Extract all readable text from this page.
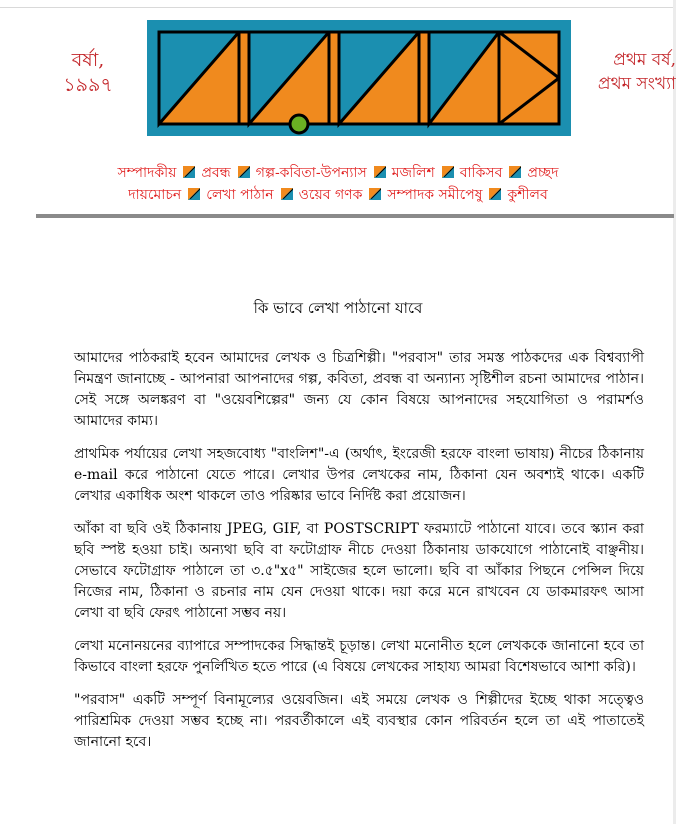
বর্ষা,
১৯৯৭
প্রথম বর্ষ,
প্রথম সংখ্যা
সম্পাদকীয় প্রবন্ধ গল্প-কবিতা-উপন্যাস মজলিশ বাকিসব প্রচ্ছদ
দায়মোচন লেখা পাঠান ওয়েব গণক সম্পাদক সমীপেষু কুশীলব
কি ভাবে লেখা পাঠানো যাবে

আমাদের পাঠকরাই হবেন আমাদের লেখক ও চিত্রশিল্পী। "পরবাস" তার সমস্ত পাঠকদের এক বিশ্বব্যাপী নিমন্ত্রণ জানাচ্ছে - আপনারা আপনাদের গল্প, কবিতা, প্রবন্ধ বা অন্যান্য সৃষ্টিশীল রচনা আমাদের পাঠান। সেই সঙ্গে অলঙ্করণ বা "ওয়েবশিল্পের" জন্য যে কোন বিষয়ে আপনাদের সহযোগিতা ও পরামর্শও আমাদের কাম্য।

প্রাথমিক পর্যায়ের লেখা সহজবোধ্য "বাংলিশ"-এ (অর্থাৎ, ইংরেজী হরফে বাংলা ভাষায়) নীচের ঠিকানায় e-mail করে পাঠানো যেতে পারে। লেখার উপর লেখকের নাম, ঠিকানা যেন অবশ্যই থাকে। একটি লেখার একাধিক অংশ থাকলে তাও পরিষ্কার ভাবে নির্দিষ্ট করা প্রয়োজন।

আঁকা বা ছবি ওই ঠিকানায় JPEG, GIF, বা POSTSCRIPT ফরম্যাটে পাঠানো যাবে। তবে স্ক্যান করা ছবি স্পষ্ট হওয়া চাই। অন্যথা ছবি বা ফটোগ্রাফ নীচে দেওয়া ঠিকানায় ডাকযোগে পাঠানোই বাঞ্ছনীয়। সেভাবে ফটোগ্রাফ পাঠালে তা ৩.৫"x৫" সাইজের হলে ভালো। ছবি বা আঁকার পিছনে পেন্সিল দিয়ে নিজের নাম, ঠিকানা ও রচনার নাম যেন দেওয়া থাকে। দয়া করে মনে রাখবেন যে ডাকমারফৎ আসা লেখা বা ছবি ফেরৎ পাঠানো সম্ভব নয়।

লেখা মনোনয়নের ব্যাপারে সম্পাদকের সিদ্ধান্তই চূড়ান্ত। লেখা মনোনীত হলে লেখককে জানানো হবে তা কিভাবে বাংলা হরফে পুনর্লিখিত হতে পারে (এ বিষয়ে লেখকের সাহায্য আমরা বিশেষভাবে আশা করি)।

"পরবাস" একটি সম্পূর্ণ বিনামূল্যের ওয়েবজিন। এই সময়ে লেখক ও শিল্পীদের ইচ্ছে থাকা সত্ত্বেও পারিশ্রমিক দেওয়া সম্ভব হচ্ছে না। পরবর্তীকালে এই ব্যবস্থার কোন পরিবর্তন হলে তা এই পাতাতেই জানানো হবে।
